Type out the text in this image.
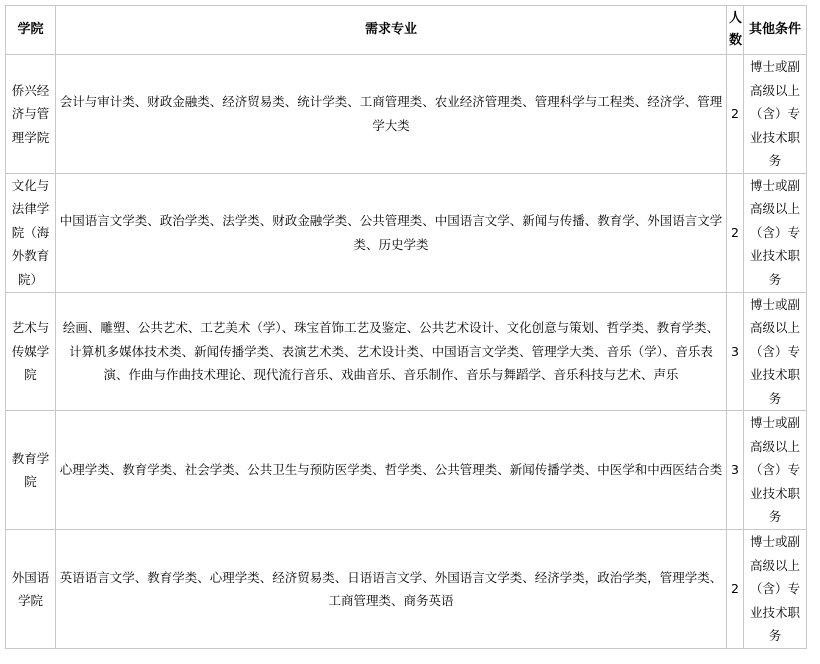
学院	需求专业	人数	其他条件
侨兴经济与管理学院	会计与审计类、财政金融类、经济贸易类、统计学类、工商管理类、农业经济管理类、管理科学与工程类、经济学、管理学大类	2	博士或副高级以上（含）专业技术职务
文化与法律学院（海外教育院）	中国语言文学类、政治学类、法学类、财政金融学类、公共管理类、中国语言文学、新闻与传播、教育学、外国语言文学类、历史学类	2	博士或副高级以上（含）专业技术职务
艺术与传媒学院	绘画、雕塑、公共艺术、工艺美术（学）、珠宝首饰工艺及鉴定、公共艺术设计、文化创意与策划、哲学类、教育学类、计算机多媒体技术类、新闻传播学类、表演艺术类、艺术设计类、中国语言文学类、管理学大类、音乐（学）、音乐表演、作曲与作曲技术理论、现代流行音乐、戏曲音乐、音乐制作、音乐与舞蹈学、音乐科技与艺术、声乐	3	博士或副高级以上（含）专业技术职务
教育学院	心理学类、教育学类、社会学类、公共卫生与预防医学类、哲学类、公共管理类、新闻传播学类、中医学和中西医结合类	3	博士或副高级以上（含）专业技术职务
外国语学院	英语语言文学、教育学类、心理学类、经济贸易类、日语语言文学、外国语言文学类、经济学类，政治学类，管理学类、工商管理类、商务英语	2	博士或副高级以上（含）专业技术职务
